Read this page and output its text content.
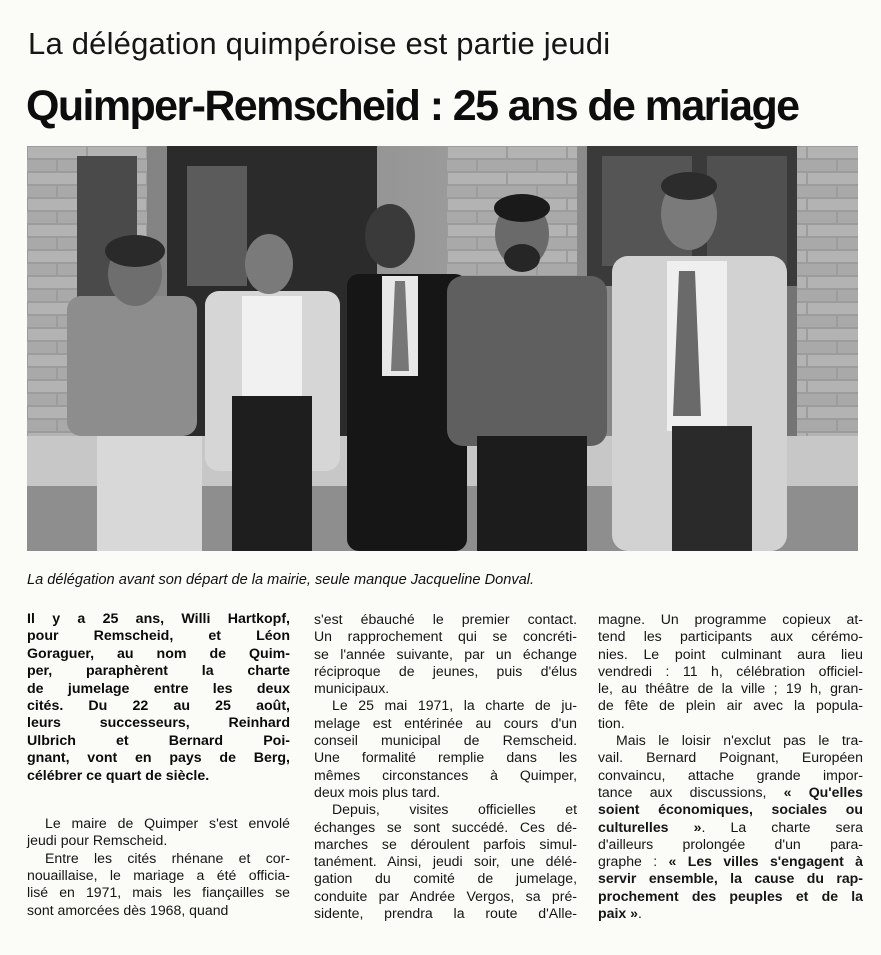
La délégation quimpéroise est partie jeudi
Quimper-Remscheid : 25 ans de mariage
La délégation avant son départ de la mairie, seule manque Jacqueline Donval.

Il y a 25 ans, Willi Hartkopf,
pour Remscheid, et Léon
Goraguer, au nom de Quim-
per, paraphèrent la charte
de jumelage entre les deux
cités. Du 22 au 25 août,
leurs successeurs, Reinhard
Ulbrich et Bernard Poi-
gnant, vont en pays de Berg,
célébrer ce quart de siècle.

Le maire de Quimper s'est envolé

jeudi pour Remscheid.

Entre les cités rhénane et cor-
nouaillaise, le mariage a été officia-
lisé en 1971, mais les fiançailles se
sont amorcées dès 1968, quand

s'est ébauché le premier contact.
Un rapprochement qui se concréti-
se l'année suivante, par un échange
réciproque de jeunes, puis d'élus
municipaux.

Le 25 mai 1971, la charte de ju-
melage est entérinée au cours d'un
conseil municipal de Remscheid.
Une formalité remplie dans les
mêmes circonstances à Quimper,
deux mois plus tard.

Depuis, visites officielles et
échanges se sont succédé. Ces dé-
marches se déroulent parfois simul-
tanément. Ainsi, jeudi soir, une délé-
gation du comité de jumelage,
conduite par Andrée Vergos, sa pré-
sidente, prendra la route d'Alle-

magne. Un programme copieux at-
tend les participants aux cérémo-
nies. Le point culminant aura lieu
vendredi : 11 h, célébration officiel-
le, au théâtre de la ville ; 19 h, gran-
de fête de plein air avec la popula-
tion.

Mais le loisir n'exclut pas le tra-
vail. Bernard Poignant, Européen
convaincu, attache grande impor-
tance aux discussions, « Qu'elles
soient économiques, sociales ou
culturelles ». La charte sera
d'ailleurs prolongée d'un para-
graphe : « Les villes s'engagent à
servir ensemble, la cause du rap-
prochement des peuples et de la
paix ».
